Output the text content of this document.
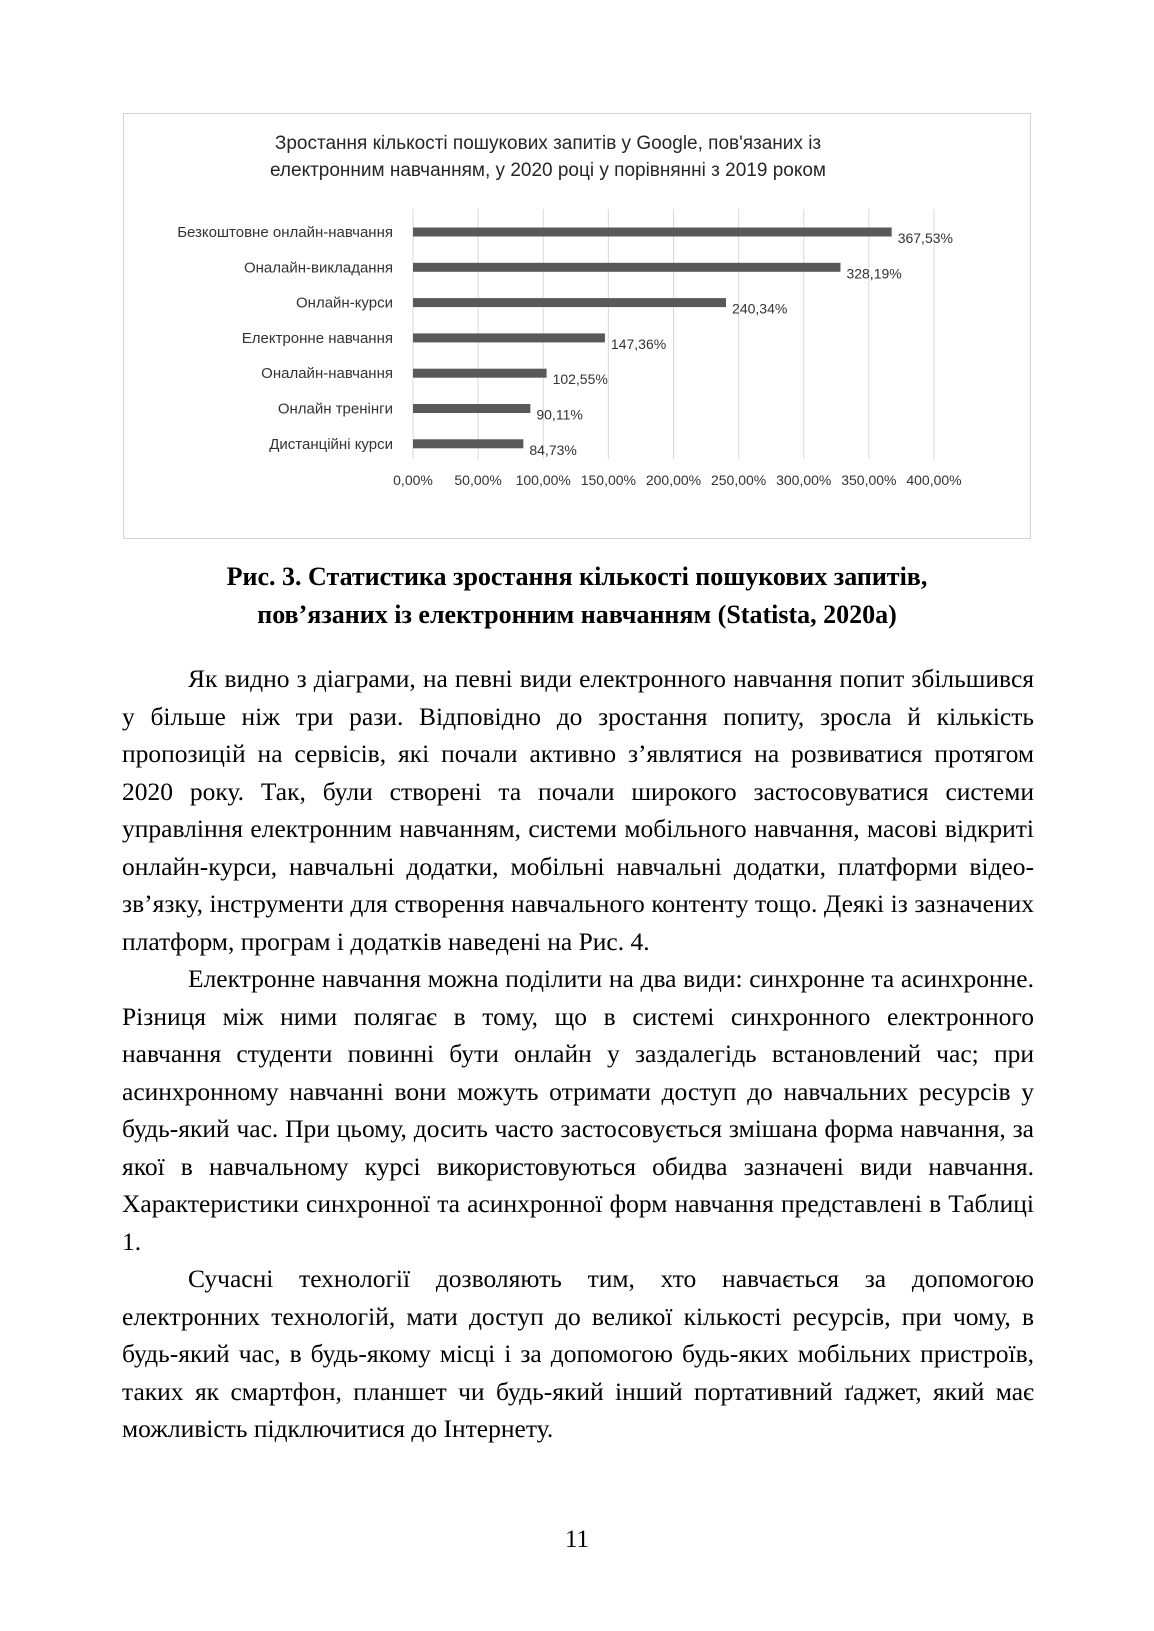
Зростання кількості пошукових запитів у Google, пов'язаних із
електронним навчанням, у 2020 році у порівнянні з 2019 роком
Безкоштовне онлайн-навчання	367,53%
Оналайн-викладання	328,19%
Онлайн-курси	240,34%
Електронне навчання	147,36%
Оналайн-навчання	102,55%
Онлайн тренінги	90,11%
Дистанційні курси	84,73%
0,00% 50,00% 100,00% 150,00% 200,00% 250,00% 300,00% 350,00% 400,00%
Рис. 3. Статистика зростання кількості пошукових запитів,
пов’язаних із електронним навчанням (Statista, 2020a)

Як видно з діаграми, на певні види електронного навчання попит збільшився у більше ніж три рази. Відповідно до зростання попиту, зросла й кількість пропозицій на сервісів, які почали активно з’являтися на розвиватися протягом 2020 року. Так, були створені та почали широкого застосовуватися системи управління електронним навчанням, системи мобільного навчання, масові відкриті онлайн-курси, навчальні додатки, мобільні навчальні додатки, платформи відео-зв’язку, інструменти для створення навчального контенту тощо. Деякі із зазначених платформ, програм і додатків наведені на Рис. 4.

Електронне навчання можна поділити на два види: синхронне та асинхронне. Різниця між ними полягає в тому, що в системі синхронного електронного навчання студенти повинні бути онлайн у заздалегідь встановлений час; при асинхронному навчанні вони можуть отримати доступ до навчальних ресурсів у будь-який час. При цьому, досить часто застосовується змішана форма навчання, за якої в навчальному курсі використовуються обидва зазначені види навчання. Характеристики синхронної та асинхронної форм навчання представлені в Таблиці 1.

Сучасні технології дозволяють тим, хто навчається за допомогою електронних технологій, мати доступ до великої кількості ресурсів, при чому, в будь-який час, в будь-якому місці і за допомогою будь-яких мобільних пристроїв, таких як смартфон, планшет чи будь-який інший портативний ґаджет, який має можливість підключитися до Інтернету.

11
